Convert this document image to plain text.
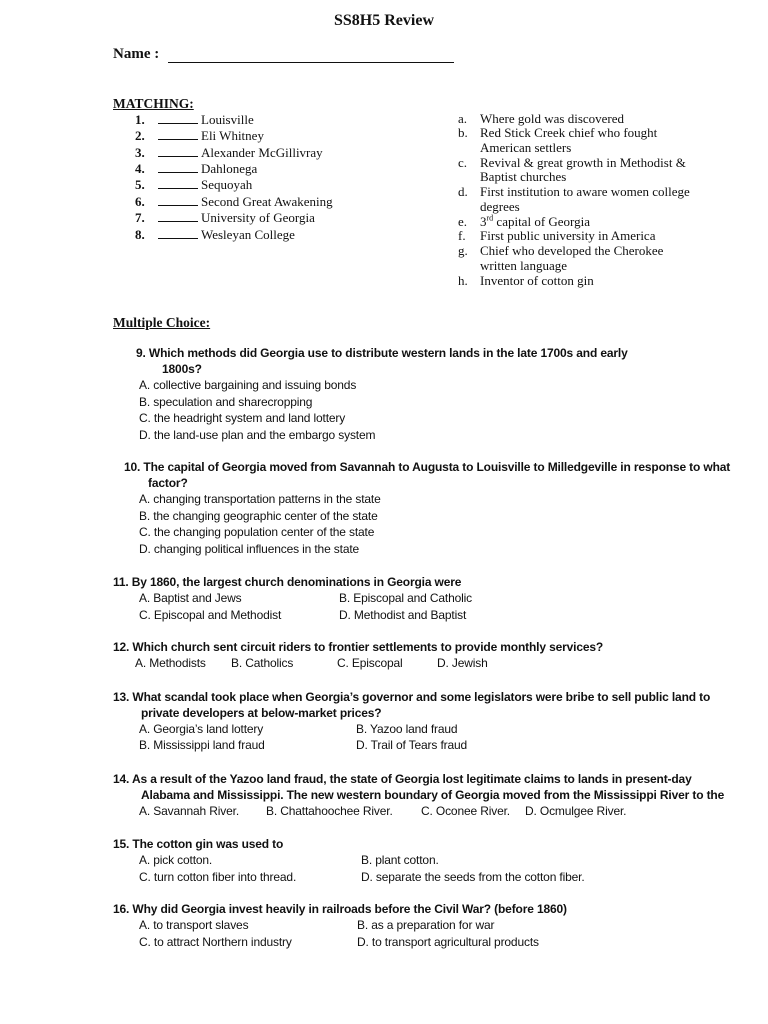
SS8H5 Review
Name :
MATCHING:
1.	Louisville
2.	Eli Whitney
3.	Alexander McGillivray
4.	Dahlonega
5.	Sequoyah
6.	Second Great Awakening
7.	University of Georgia
8.	Wesleyan College
a. Where gold was discovered
b. Red Stick Creek chief who fought
American settlers
c. Revival & great growth in Methodist &
Baptist churches
d. First institution to aware women college
degrees
e. 3rd capital of Georgia
f. First public university in America
g. Chief who developed the Cherokee
written language
h. Inventor of cotton gin
Multiple Choice:
9. Which methods did Georgia use to distribute western lands in the late 1700s and early
1800s?
A. collective bargaining and issuing bonds
B. speculation and sharecropping
C. the headright system and land lottery
D. the land-use plan and the embargo system
10. The capital of Georgia moved from Savannah to Augusta to Louisville to Milledgeville in response to what
factor?
A. changing transportation patterns in the state
B. the changing geographic center of the state
C. the changing population center of the state
D. changing political influences in the state
11. By 1860, the largest church denominations in Georgia were
A. Baptist and Jews	B. Episcopal and Catholic
C. Episcopal and Methodist	D. Methodist and Baptist
12. Which church sent circuit riders to frontier settlements to provide monthly services?
A. Methodists B. Catholics	C. Episcopal	D. Jewish
13. What scandal took place when Georgia’s governor and some legislators were bribe to sell public land to
private developers at below-market prices?
A. Georgia’s land lottery	B. Yazoo land fraud
B. Mississippi land fraud	D. Trail of Tears fraud
14. As a result of the Yazoo land fraud, the state of Georgia lost legitimate claims to lands in present-day
Alabama and Mississippi. The new western boundary of Georgia moved from the Mississippi River to the
A. Savannah River. B. Chattahoochee River. C. Oconee River. D. Ocmulgee River.
15. The cotton gin was used to
A. pick cotton.	B. plant cotton.
C. turn cotton fiber into thread.	D. separate the seeds from the cotton fiber.
16. Why did Georgia invest heavily in railroads before the Civil War? (before 1860)
A. to transport slaves	B. as a preparation for war
C. to attract Northern industry	D. to transport agricultural products
